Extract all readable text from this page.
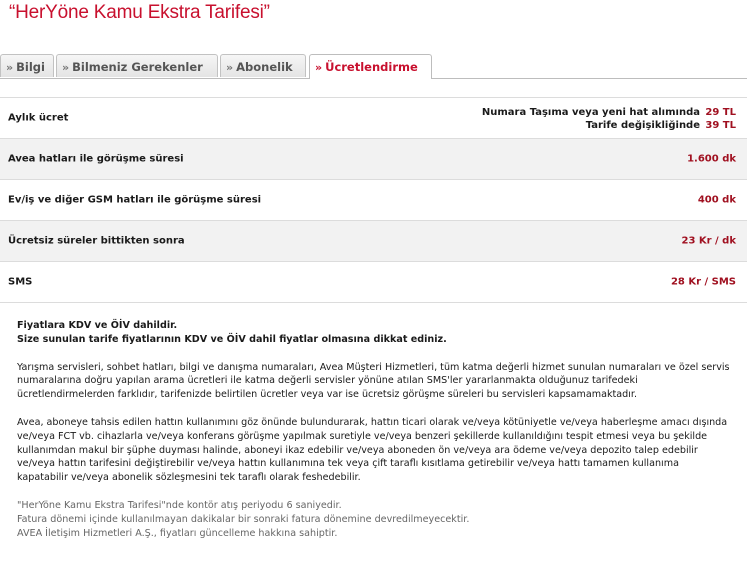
“HerYöne Kamu Ekstra Tarifesi”
» Bilgi	» Bilmeniz Gerekenler	» Abonelik	» Ücretlendirme
Aylık ücret	Numara Taşıma veya yeni hat alımında 29 TL
Tarife değişikliğinde 39 TL
Avea hatları ile görüşme süresi	1.600 dk
Ev/iş ve diğer GSM hatları ile görüşme süresi	400 dk
Ücretsiz süreler bittikten sonra	23 Kr / dk
SMS	28 Kr / SMS

Fiyatlara KDV ve ÖİV dahildir.

Size sunulan tarife fiyatlarının KDV ve ÖİV dahil fiyatlar olmasına dikkat ediniz.

Yarışma servisleri, sohbet hatları, bilgi ve danışma numaraları, Avea Müşteri Hizmetleri, tüm katma değerli hizmet sunulan numaraları ve özel servis numaralarına doğru yapılan arama ücretleri ile katma değerli servisler yönüne atılan SMS'ler yararlanmakta olduğunuz tarifedeki ücretlendirmelerden farklıdır, tarifenizde belirtilen ücretler veya var ise ücretsiz görüşme süreleri bu servisleri kapsamamaktadır.

Avea, aboneye tahsis edilen hattın kullanımını göz önünde bulundurarak, hattın ticari olarak ve/veya kötüniyetle ve/veya haberleşme amacı dışında ve/veya FCT vb. cihazlarla ve/veya konferans görüşme yapılmak suretiyle ve/veya benzeri şekillerde kullanıldığını tespit etmesi veya bu şekilde kullanımdan makul bir şüphe duyması halinde, aboneyi ikaz edebilir ve/veya aboneden ön ve/veya ara ödeme ve/veya depozito talep edebilir ve/veya hattın tarifesini değiştirebilir ve/veya hattın kullanımına tek veya çift taraflı kısıtlama getirebilir ve/veya hattı tamamen kullanıma kapatabilir ve/veya abonelik sözleşmesini tek taraflı olarak feshedebilir.

"HerYöne Kamu Ekstra Tarifesi"nde kontör atış periyodu 6 saniyedir.

Fatura dönemi içinde kullanılmayan dakikalar bir sonraki fatura dönemine devredilmeyecektir.

AVEA İletişim Hizmetleri A.Ş., fiyatları güncelleme hakkına sahiptir.
